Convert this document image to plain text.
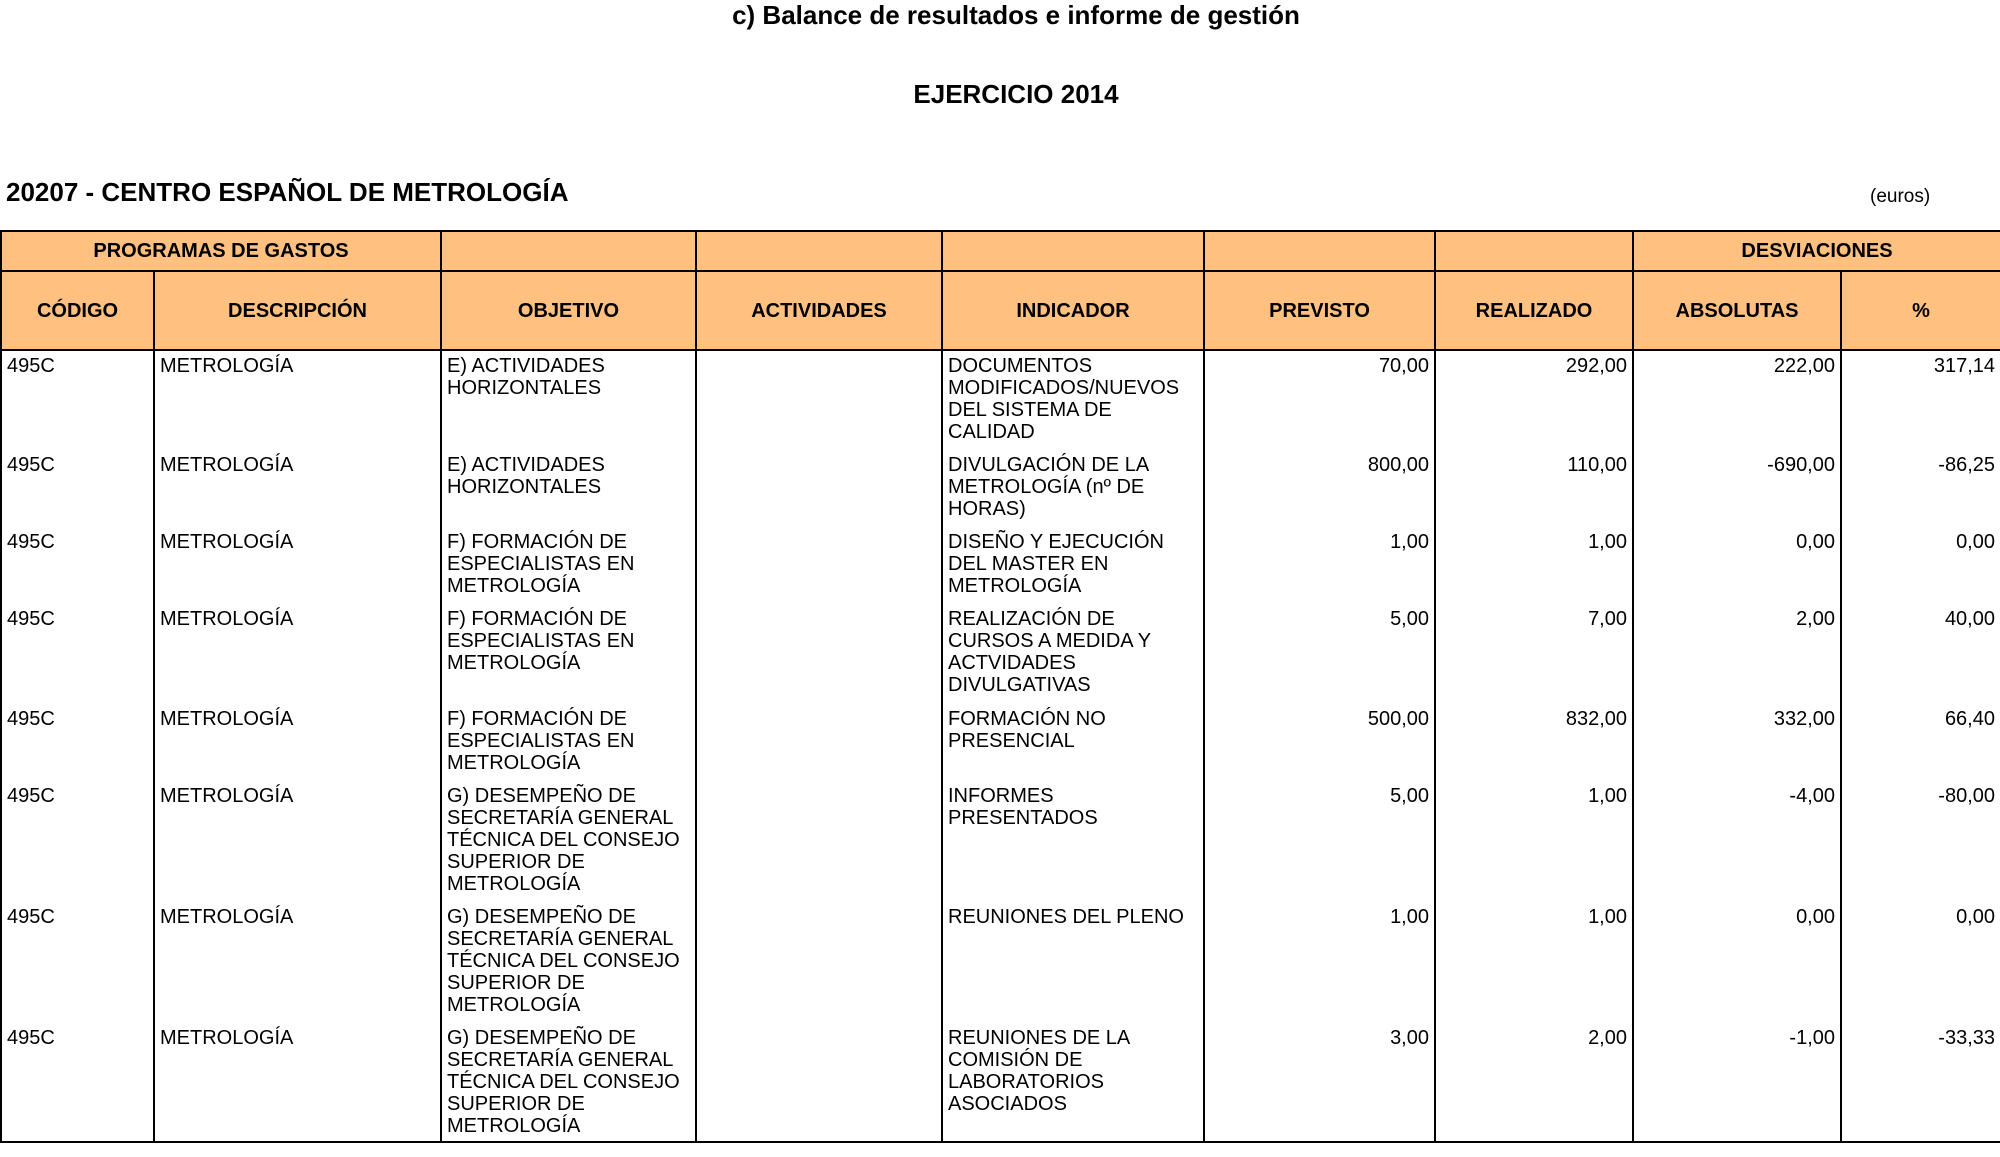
c) Balance de resultados e informe de gestión
EJERCICIO 2014
20207 - CENTRO ESPAÑOL DE METROLOGÍA	(euros)
PROGRAMAS DE GASTOS							DESVIACIONES	
CÓDIGO	DESCRIPCIÓN	OBJETIVO	ACTIVIDADES	INDICADOR	PREVISTO	REALIZADO	ABSOLUTAS	%
495C	METROLOGÍA	E) ACTIVIDADES HORIZONTALES		DOCUMENTOS MODIFICADOS/NUEVOS DEL SISTEMA DE CALIDAD	70,00	292,00	222,00	317,14
495C	METROLOGÍA	E) ACTIVIDADES HORIZONTALES		DIVULGACIÓN DE LA METROLOGÍA (nº DE HORAS)	800,00	110,00	-690,00	-86,25
495C	METROLOGÍA	F) FORMACIÓN DE ESPECIALISTAS EN METROLOGÍA		DISEÑO Y EJECUCIÓN DEL MASTER EN METROLOGÍA	1,00	1,00	0,00	0,00
495C	METROLOGÍA	F) FORMACIÓN DE ESPECIALISTAS EN METROLOGÍA		REALIZACIÓN DE CURSOS A MEDIDA Y ACTVIDADES DIVULGATIVAS	5,00	7,00	2,00	40,00
495C	METROLOGÍA	F) FORMACIÓN DE ESPECIALISTAS EN METROLOGÍA		FORMACIÓN NO PRESENCIAL	500,00	832,00	332,00	66,40
495C	METROLOGÍA	G) DESEMPEÑO DE SECRETARÍA GENERAL TÉCNICA DEL CONSEJO SUPERIOR DE METROLOGÍA		INFORMES PRESENTADOS	5,00	1,00	-4,00	-80,00
495C	METROLOGÍA	G) DESEMPEÑO DE SECRETARÍA GENERAL TÉCNICA DEL CONSEJO SUPERIOR DE METROLOGÍA		REUNIONES DEL PLENO	1,00	1,00	0,00	0,00
495C	METROLOGÍA	G) DESEMPEÑO DE SECRETARÍA GENERAL TÉCNICA DEL CONSEJO SUPERIOR DE METROLOGÍA		REUNIONES DE LA COMISIÓN DE LABORATORIOS ASOCIADOS	3,00	2,00	-1,00	-33,33
